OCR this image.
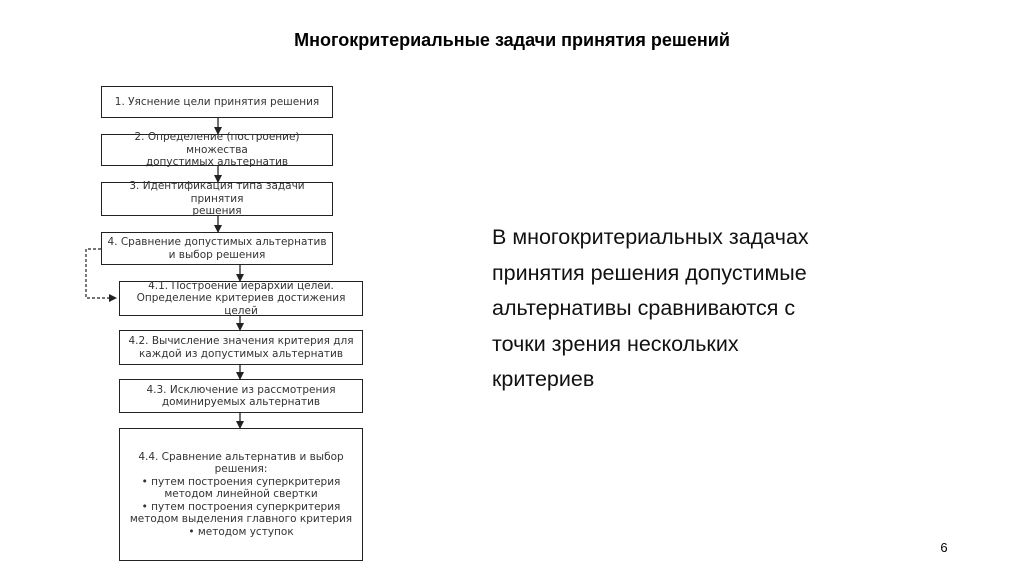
Многокритериальные задачи принятия решений
1. Уяснение цели принятия решения
2. Определение (построение) множества
допустимых альтернатив
3. Идентификация типа задачи принятия
решения
4. Сравнение допустимых альтернатив
и выбор решения
4.1. Построение иерархии целей.
Определение критериев достижения целей
4.2. Вычисление значения критерия для
каждой из допустимых альтернатив
4.3. Исключение из рассмотрения
доминируемых альтернатив
4.4. Сравнение альтернатив и выбор
решения:
• путем построения суперкритерия
методом линейной свертки
• путем построения суперкритерия
методом выделения главного критерия
• методом уступок
В многокритериальных задачах
принятия решения допустимые
альтернативы сравниваются с
точки зрения нескольких
критериев
6
